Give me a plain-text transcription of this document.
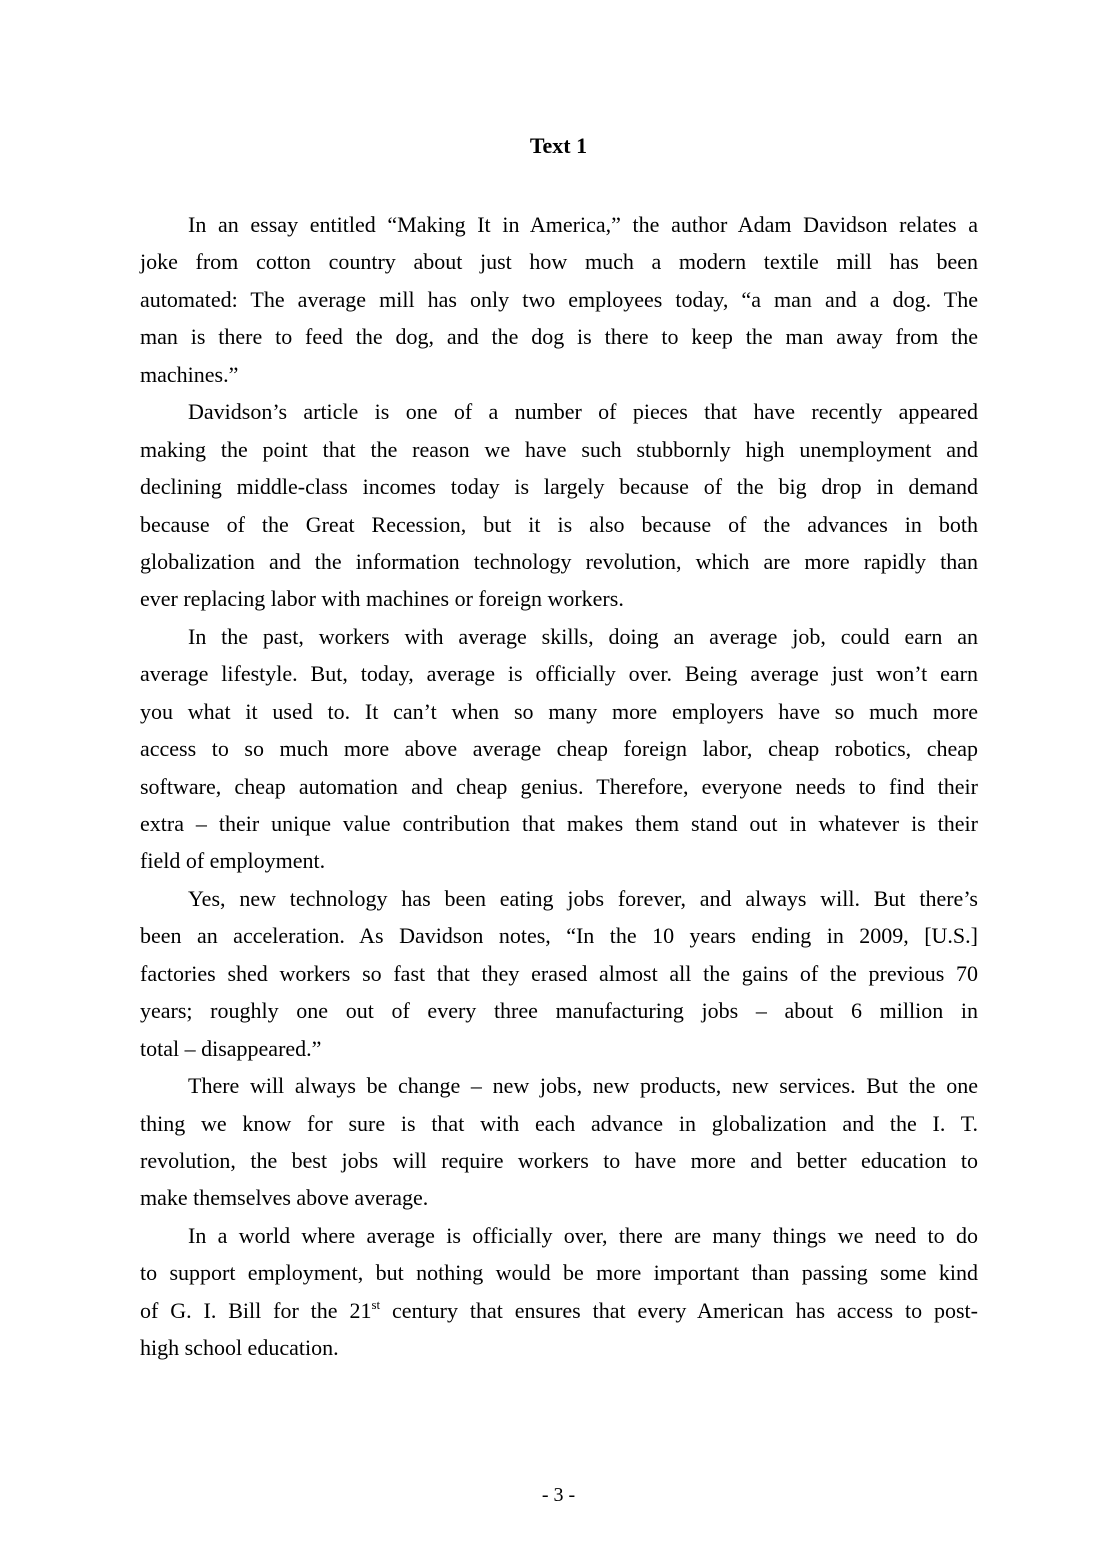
Text 1
In an essay entitled “Making It in America,” the author Adam Davidson relates a
joke from cotton country about just how much a modern textile mill has been
automated: The average mill has only two employees today, “a man and a dog. The
man is there to feed the dog, and the dog is there to keep the man away from the
machines.”
Davidson’s article is one of a number of pieces that have recently appeared
making the point that the reason we have such stubbornly high unemployment and
declining middle-class incomes today is largely because of the big drop in demand
because of the Great Recession, but it is also because of the advances in both
globalization and the information technology revolution, which are more rapidly than
ever replacing labor with machines or foreign workers.
In the past, workers with average skills, doing an average job, could earn an
average lifestyle. But, today, average is officially over. Being average just won’t earn
you what it used to. It can’t when so many more employers have so much more
access to so much more above average cheap foreign labor, cheap robotics, cheap
software, cheap automation and cheap genius. Therefore, everyone needs to find their
extra – their unique value contribution that makes them stand out in whatever is their
field of employment.
Yes, new technology has been eating jobs forever, and always will. But there’s
been an acceleration. As Davidson notes, “In the 10 years ending in 2009, [U.S.]
factories shed workers so fast that they erased almost all the gains of the previous 70
years; roughly one out of every three manufacturing jobs – about 6 million in
total – disappeared.”
There will always be change – new jobs, new products, new services. But the one
thing we know for sure is that with each advance in globalization and the I. T.
revolution, the best jobs will require workers to have more and better education to
make themselves above average.
In a world where average is officially over, there are many things we need to do
to support employment, but nothing would be more important than passing some kind
of G. I. Bill for the 21st century that ensures that every American has access to post-
high school education.
- 3 -
